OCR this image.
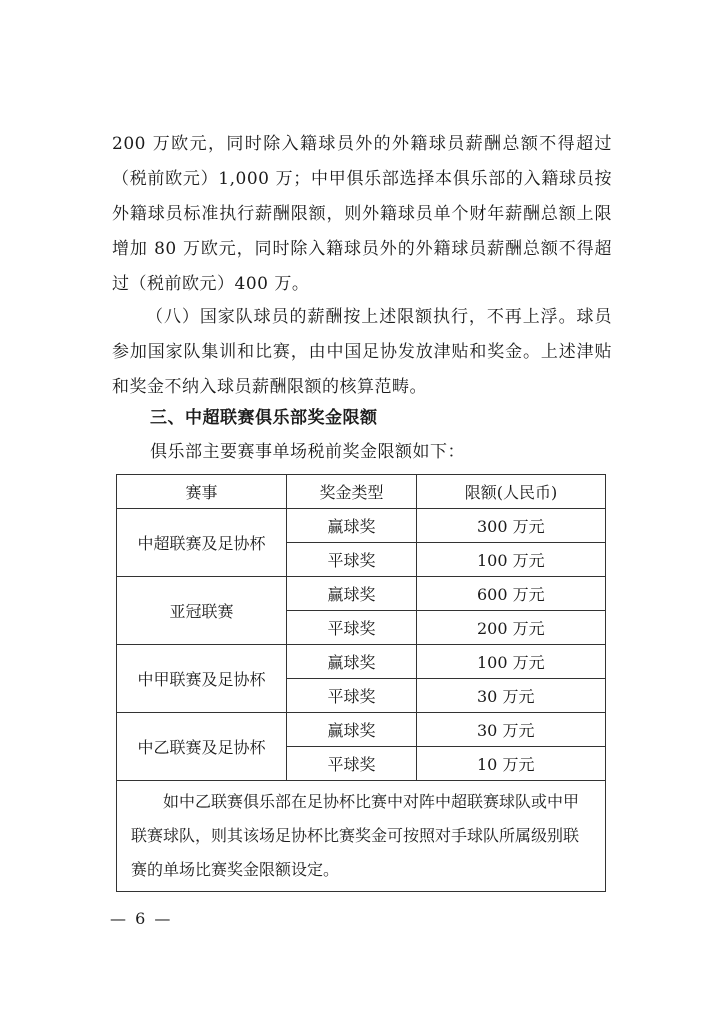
200 万欧元，同时除入籍球员外的外籍球员薪酬总额不得超过（税前欧元）1,000 万；中甲俱乐部选择本俱乐部的入籍球员按外籍球员标准执行薪酬限额，则外籍球员单个财年薪酬总额上限增加 80 万欧元，同时除入籍球员外的外籍球员薪酬总额不得超过（税前欧元）400 万。

（八）国家队球员的薪酬按上述限额执行，不再上浮。球员参加国家队集训和比赛，由中国足协发放津贴和奖金。上述津贴和奖金不纳入球员薪酬限额的核算范畴。

三、中超联赛俱乐部奖金限额

俱乐部主要赛事单场税前奖金限额如下：

赛事	奖金类型	限额(人民币)
中超联赛及足协杯	赢球奖	300 万元
	平球奖	100 万元
亚冠联赛	赢球奖	600 万元
	平球奖	200 万元
中甲联赛及足协杯	赢球奖	100 万元
	平球奖	30 万元
中乙联赛及足协杯	赢球奖	30 万元
	平球奖	10 万元
如中乙联赛俱乐部在足协杯比赛中对阵中超联赛球队或中甲联赛球队，则其该场足协杯比赛奖金可按照对手球队所属级别联赛的单场比赛奖金限额设定。		
— 6 —
